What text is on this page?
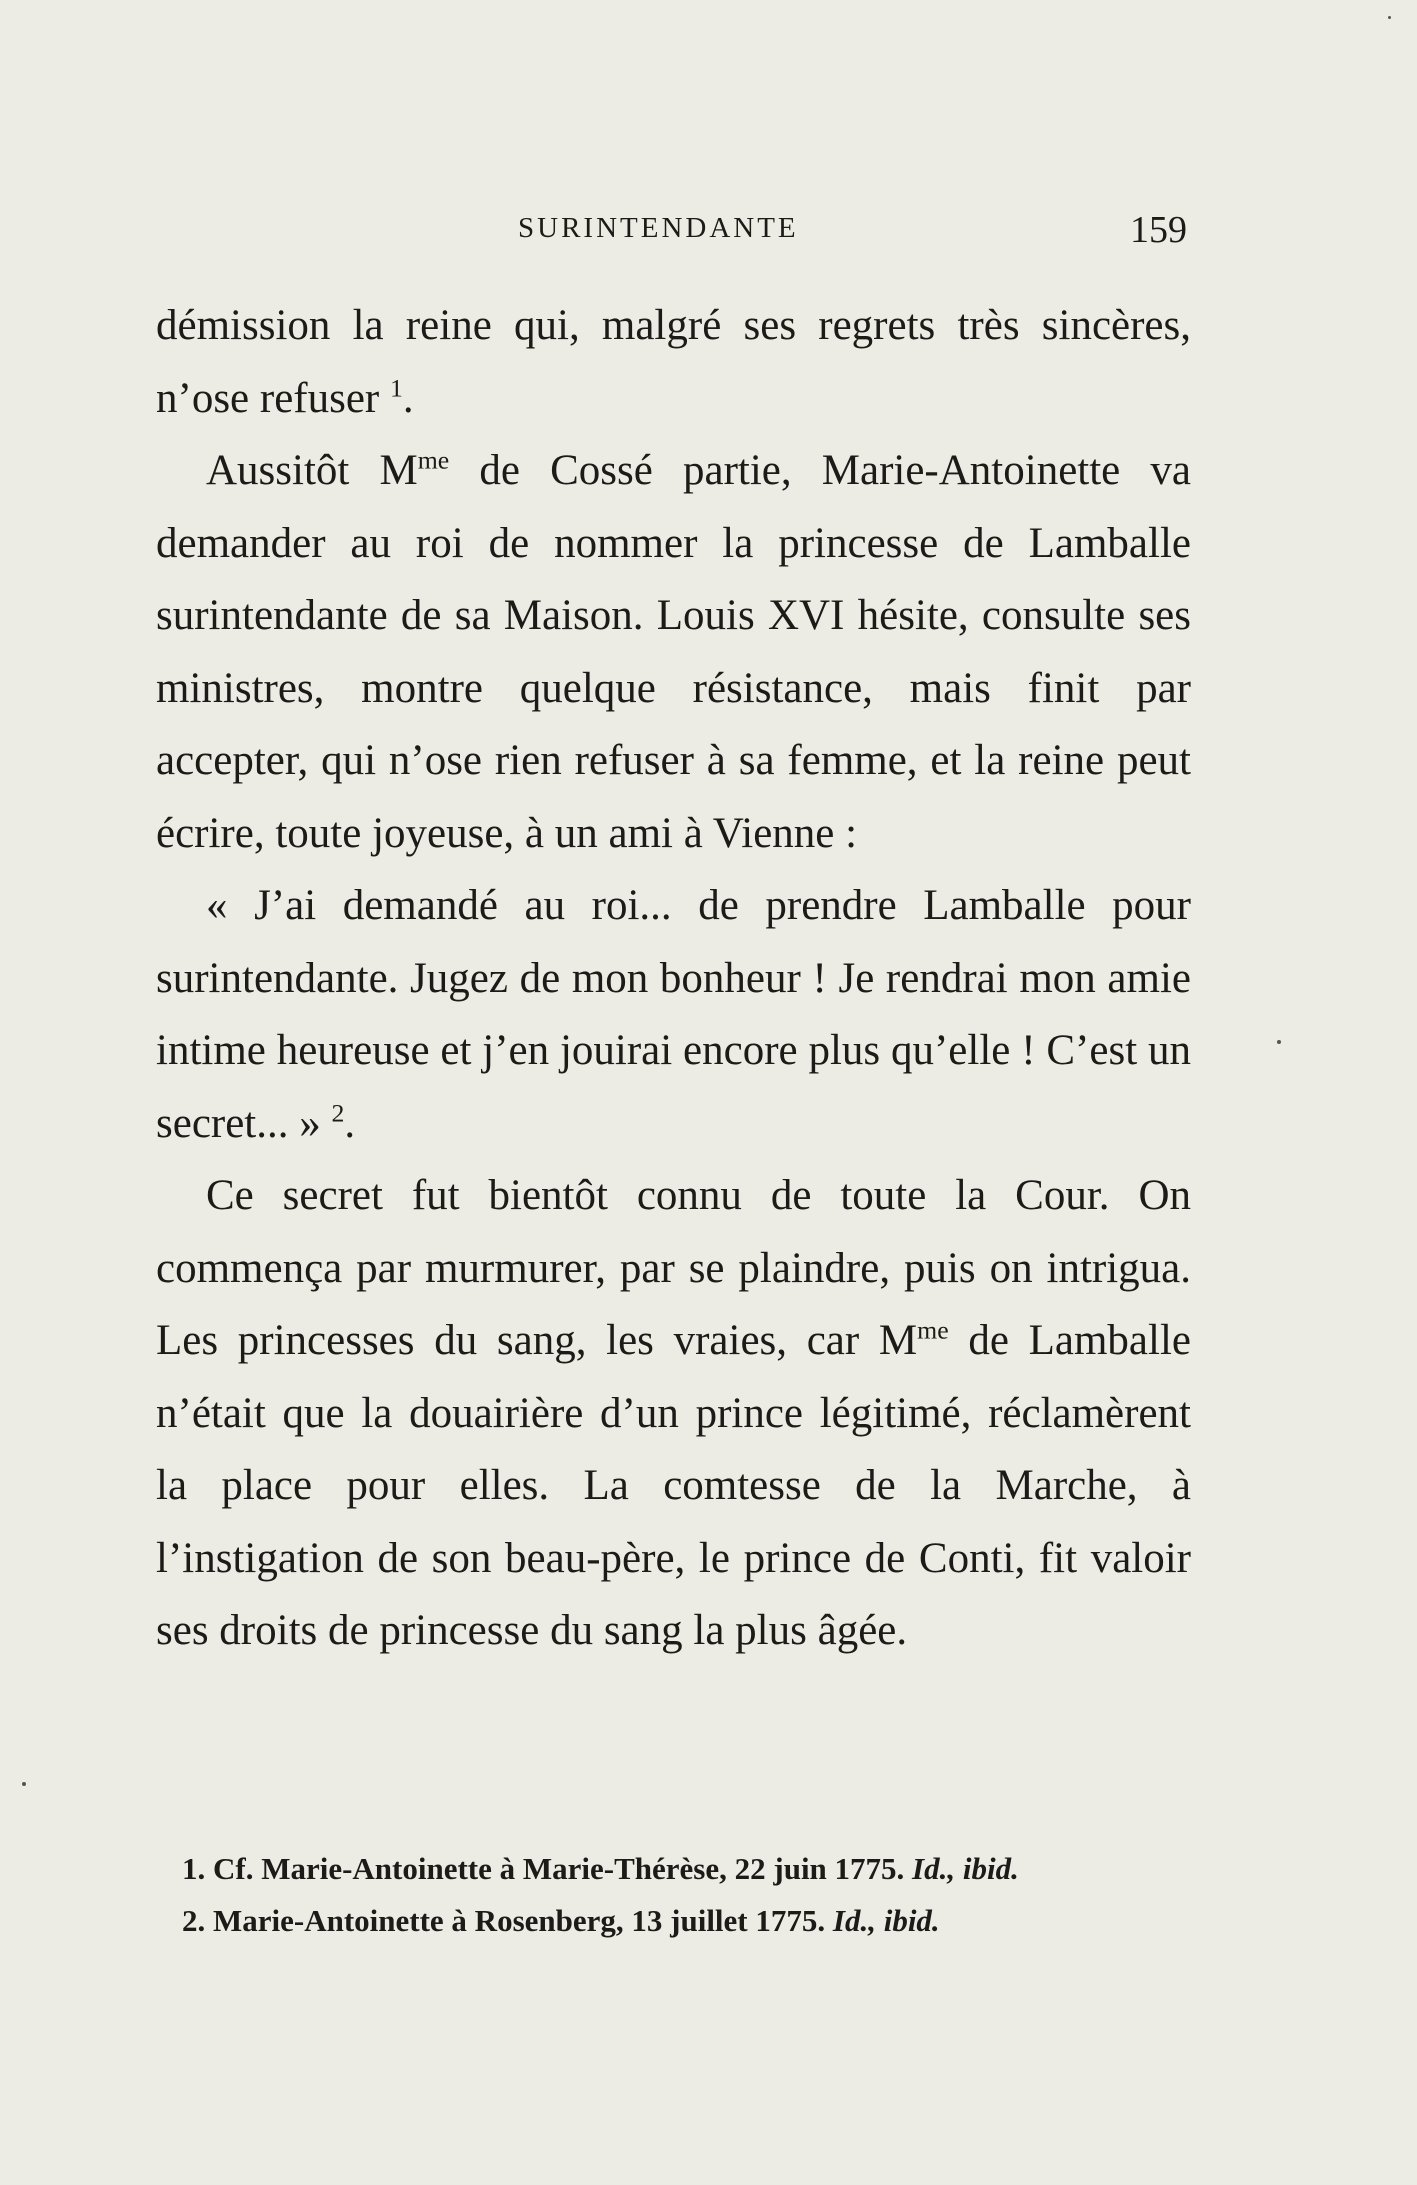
SURINTENDANTE	159

démission la reine qui, malgré ses regrets très sincères, n’ose refuser $^1$.

Aussitôt $M^{me}$ de Cossé partie, Marie-Antoinette va demander au roi de nommer la princesse de Lamballe surintendante de sa Maison. Louis XVI hésite, consulte ses ministres, montre quelque résistance, mais finit par accepter, qui n’ose rien refuser à sa femme, et la reine peut écrire, toute joyeuse, à un ami à Vienne :

« J’ai demandé au roi... de prendre Lamballe pour surintendante. Jugez de mon bonheur ! Je rendrai mon amie intime heureuse et j’en jouirai encore plus qu’elle ! C’est un secret... » $^2$.

Ce secret fut bientôt connu de toute la Cour. On commença par murmurer, par se plaindre, puis on intrigua. Les princesses du sang, les vraies, car $M^{me}$ de Lamballe n’était que la douairière d’un prince légitimé, réclamèrent la place pour elles. La comtesse de la Marche, à l’instigation de son beau-père, le prince de Conti, fit valoir ses droits de princesse du sang la plus âgée.

1. Cf. Marie-Antoinette à Marie-Thérèse, 22 juin 1775. Id., ibid.
2. Marie-Antoinette à Rosenberg, 13 juillet 1775. Id., ibid.
